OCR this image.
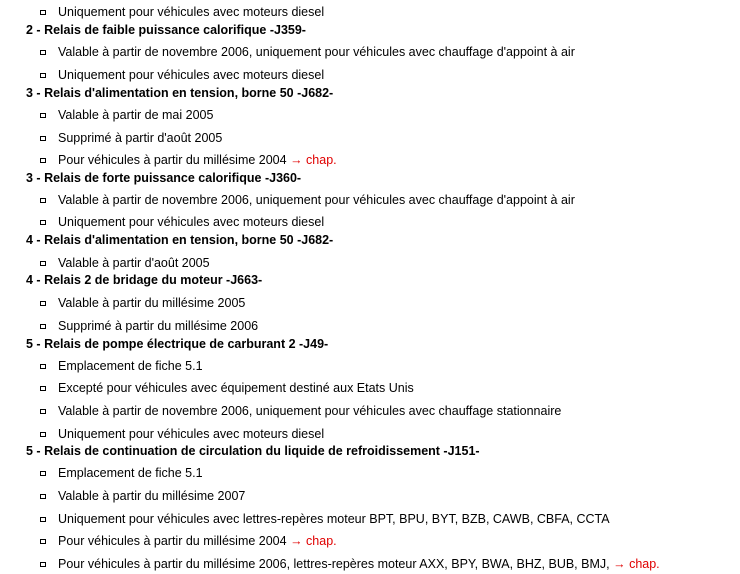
Uniquement pour véhicules avec moteurs diesel
2 - Relais de faible puissance calorifique -J359-
Valable à partir de novembre 2006, uniquement pour véhicules avec chauffage d'appoint à air
Uniquement pour véhicules avec moteurs diesel
3 - Relais d'alimentation en tension, borne 50 -J682-
Valable à partir de mai 2005
Supprimé à partir d'août 2005
Pour véhicules à partir du millésime 2004 → chap.
3 - Relais de forte puissance calorifique -J360-
Valable à partir de novembre 2006, uniquement pour véhicules avec chauffage d'appoint à air
Uniquement pour véhicules avec moteurs diesel
4 - Relais d'alimentation en tension, borne 50 -J682-
Valable à partir d'août 2005
4 - Relais 2 de bridage du moteur -J663-
Valable à partir du millésime 2005
Supprimé à partir du millésime 2006
5 - Relais de pompe électrique de carburant 2 -J49-
Emplacement de fiche 5.1
Excepté pour véhicules avec équipement destiné aux Etats Unis
Valable à partir de novembre 2006, uniquement pour véhicules avec chauffage stationnaire
Uniquement pour véhicules avec moteurs diesel
5 - Relais de continuation de circulation du liquide de refroidissement -J151-
Emplacement de fiche 5.1
Valable à partir du millésime 2007
Uniquement pour véhicules avec lettres-repères moteur BPT, BPU, BYT, BZB, CAWB, CBFA, CCTA
Pour véhicules à partir du millésime 2004 → chap.
Pour véhicules à partir du millésime 2006, lettres-repères moteur AXX, BPY, BWA, BHZ, BUB, BMJ, → chap.
